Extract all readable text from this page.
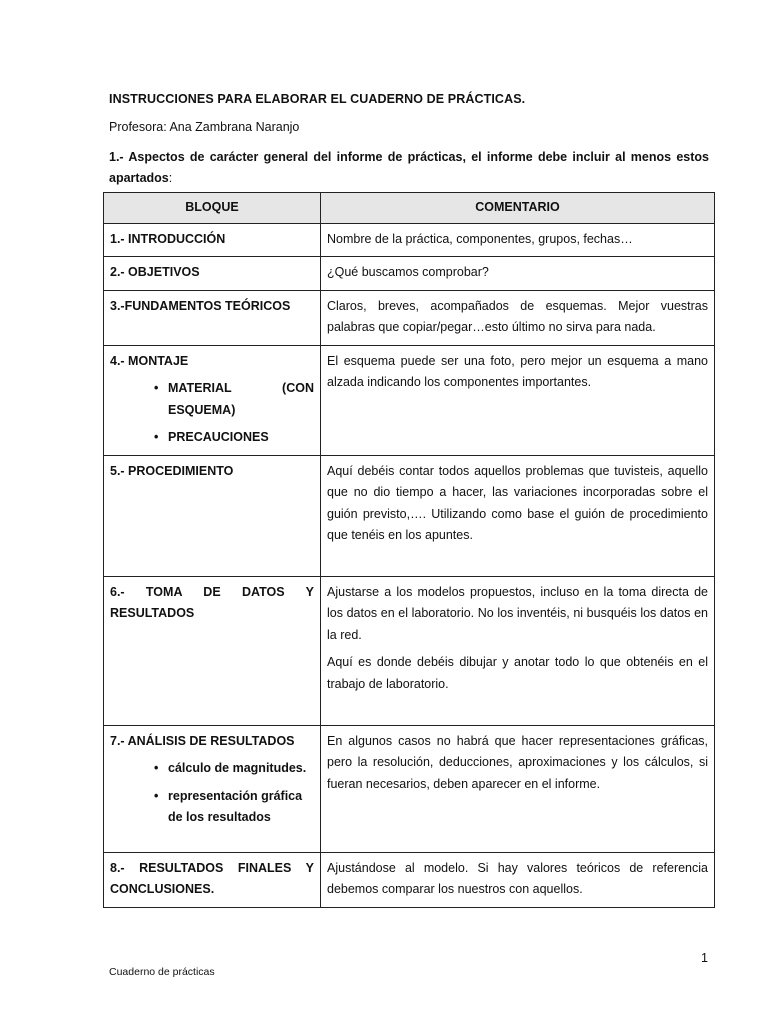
INSTRUCCIONES PARA ELABORAR EL CUADERNO DE PRÁCTICAS.
Profesora: Ana Zambrana Naranjo
1.- Aspectos de carácter general del informe de prácticas, el informe debe incluir al menos estos apartados:
BLOQUE	COMENTARIO
1.- INTRODUCCIÓN	Nombre de la práctica, componentes, grupos, fechas…
2.- OBJETIVOS	¿Qué buscamos comprobar?
3.-FUNDAMENTOS TEÓRICOS	Claros, breves, acompañados de esquemas. Mejor vuestras palabras que copiar/pegar…esto último no sirva para nada.

4.- MONTAJE
• MATERIAL (CON ESQUEMA)
• PRECAUCIONES	El esquema puede ser una foto, pero mejor un esquema a mano alzada indicando los componentes importantes.
5.- PROCEDIMIENTO	Aquí debéis contar todos aquellos problemas que tuvisteis, aquello que no dio tiempo a hacer, las variaciones incorporadas sobre el guión previsto,…. Utilizando como base el guión de procedimiento que tenéis en los apuntes.
6.- TOMA DE DATOS Y RESULTADOS	Ajustarse a los modelos propuestos, incluso en la toma directa de los datos en el laboratorio. No los inventéis, ni busquéis los datos en la red.
Aquí es donde debéis dibujar y anotar todo lo que obtenéis en el trabajo de laboratorio.

7.- ANÁLISIS DE RESULTADOS
• cálculo de magnitudes.
• representación gráfica de los resultados	En algunos casos no habrá que hacer representaciones gráficas, pero la resolución, deducciones, aproximaciones y los cálculos, si fueran necesarios, deben aparecer en el informe.
8.- RESULTADOS FINALES Y CONCLUSIONES.	Ajustándose al modelo. Si hay valores teóricos de referencia debemos comparar los nuestros con aquellos.
1
Cuaderno de prácticas
